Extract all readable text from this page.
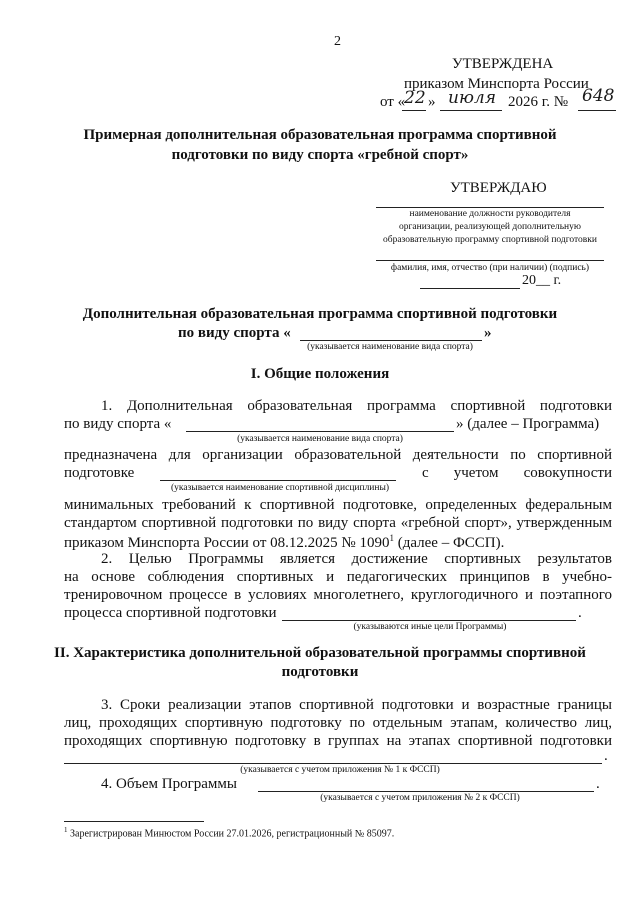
2
УТВЕРЖДЕНА
приказом Минспорта России
от «
22 » июля 2026 г. № 648
Примерная дополнительная образовательная программа спортивной
подготовки по виду спорта «гребной спорт»
УТВЕРЖДАЮ
наименование должности руководителя
организации, реализующей дополнительную
образовательную программу спортивной подготовки
фамилия, имя, отчество (при наличии) (подпись)
20__ г.
Дополнительная образовательная программа спортивной подготовки
по виду спорта «	»
(указывается наименование вида спорта)
I. Общие положения
1. Дополнительная образовательная программа спортивной подготовки
по виду спорта «	» (далее – Программа)
(указывается наименование вида спорта)
предназначена для организации образовательной деятельности по спортивной
подготовке	с учетом совокупности
(указывается наименование спортивной дисциплины)
минимальных требований к спортивной подготовке, определенных федеральным
стандартом спортивной подготовки по виду спорта «гребной спорт», утвержденным
приказом Минспорта России от 08.12.2025 № 1090$^1$ (далее – ФССП).
2. Целью Программы является достижение спортивных результатов
на основе соблюдения спортивных и педагогических принципов в учебно-
тренировочном процессе в условиях многолетнего, круглогодичного и поэтапного
процесса спортивной подготовки	.
(указываются иные цели Программы)
II. Характеристика дополнительной образовательной программы спортивной
подготовки
3. Сроки реализации этапов спортивной подготовки и возрастные границы
лиц, проходящих спортивную подготовку по отдельным этапам, количество лиц,
проходящих спортивную подготовку в группах на этапах спортивной подготовки
.
(указывается с учетом приложения № 1 к ФССП)
4. Объем Программы	.
(указывается с учетом приложения № 2 к ФССП)
$^1$ Зарегистрирован Минюстом России 27.01.2026, регистрационный № 85097.
